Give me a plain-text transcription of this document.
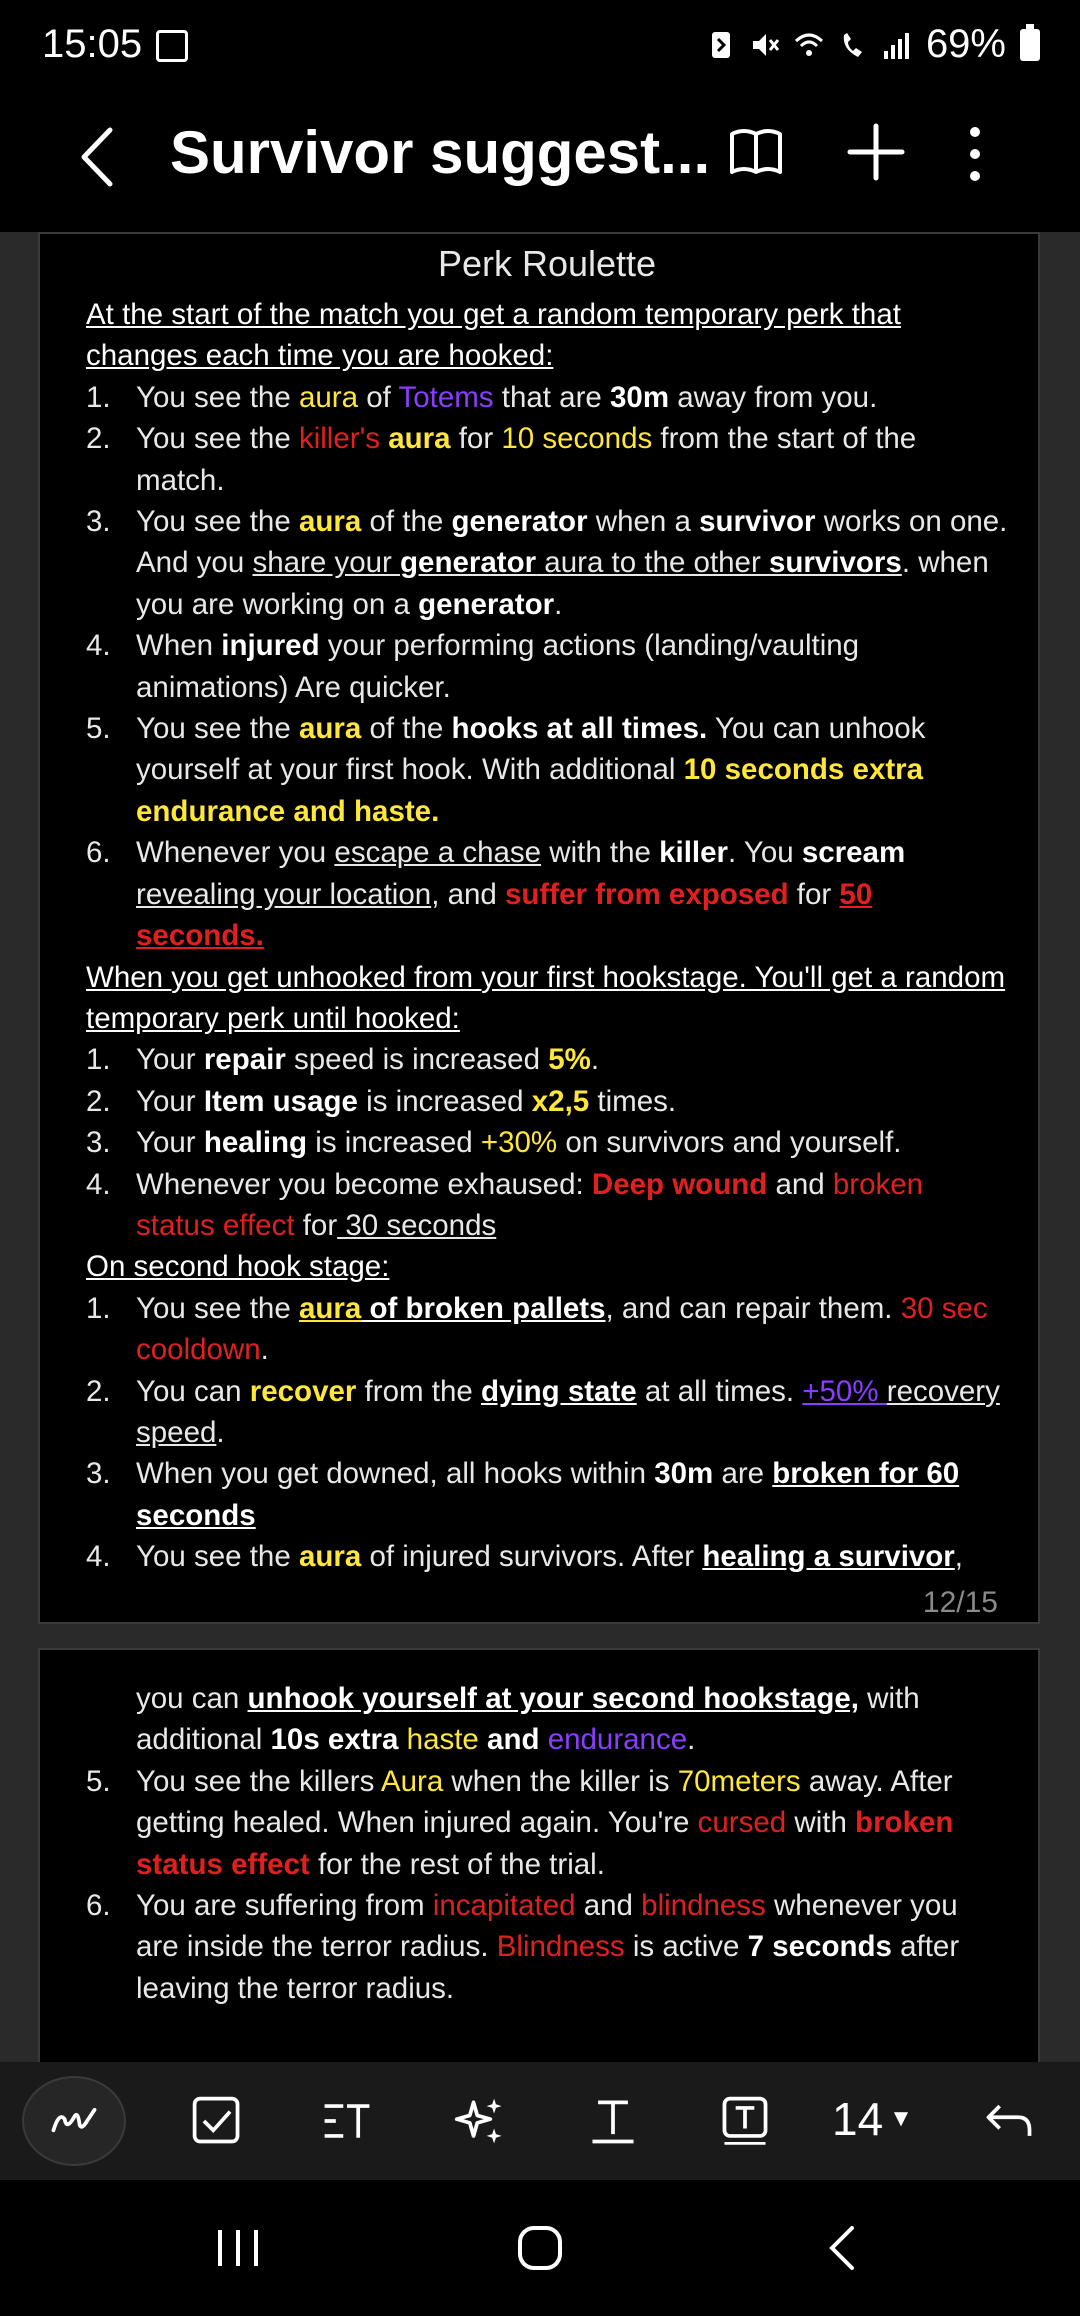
15:05	69%
Survivor suggest...
Perk Roulette
At the start of the match you get a random temporary perk that changes each time you are hooked:
1. You see the aura of Totems that are 30m away from you.
2. You see the killer's aura for 10 seconds from the start of the match.
3. You see the aura of the generator when a survivor works on one. And you share your generator aura to the other survivors. when you are working on a generator.
4. When injured your performing actions (landing/vaulting animations) Are quicker.
5. You see the aura of the hooks at all times. You can unhook yourself at your first hook. With additional 10 seconds extra endurance and haste.
6. Whenever you escape a chase with the killer. You scream revealing your location, and suffer from exposed for 50 seconds.
When you get unhooked from your first hookstage. You'll get a random temporary perk until hooked:
1. Your repair speed is increased 5%.
2. Your Item usage is increased x2,5 times.
3. Your healing is increased +30% on survivors and yourself.
4. Whenever you become exhaused: Deep wound and broken status effect for 30 seconds
On second hook stage:
1. You see the aura of broken pallets, and can repair them. 30 sec cooldown.
2. You can recover from the dying state at all times. +50% recovery speed.
3. When you get downed, all hooks within 30m are broken for 60 seconds
4. You see the aura of injured survivors. After healing a survivor,
12/15
you can unhook yourself at your second hookstage, with additional 10s extra haste and endurance.
5. You see the killers Aura when the killer is 70meters away. After getting healed. When injured again. You're cursed with broken status effect for the rest of the trial.
6. You are suffering from incapitated and blindness whenever you are inside the terror radius. Blindness is active 7 seconds after leaving the terror radius.
14 ▼
